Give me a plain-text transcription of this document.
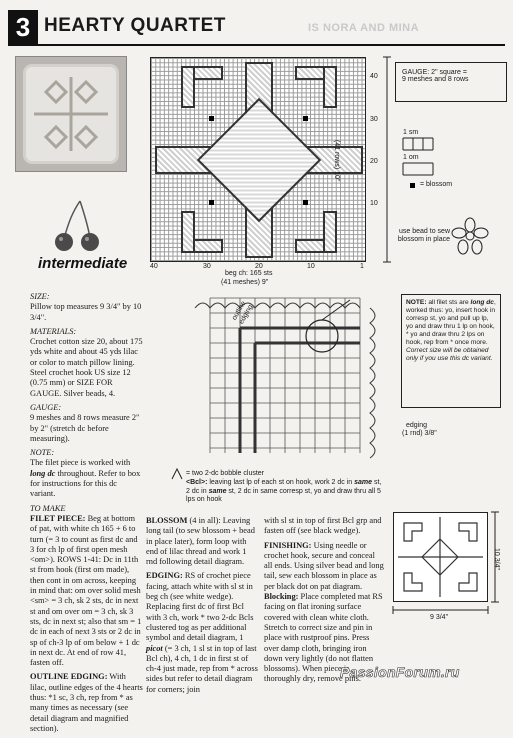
3 HEARTY QUARTET	IS NORA AND MINA
intermediate
SIZE:

Pillow top measures 9 3/4" by 10 3/4".

MATERIALS:

Crochet cotton size 20, about 175 yds white and about 45 yds lilac or color to match pillow lining. Steel crochet hook US size 12 (0.75 mm) or SIZE FOR GAUGE. Silver beads, 4.

GAUGE:

9 meshes and 8 rows measure 2" by 2" (stretch dc before measuring).

NOTE:

The filet piece is worked with long dc throughout. Refer to box for instructions for this dc variant.

TO MAKE

FILET PIECE: Beg at bottom of pat, with white ch 165 + 6 to turn (= 3 to count as first dc and 3 for ch lp of first open mesh <om>). ROWS 1-41: Dc in 11th st from hook (first om made), then cont in om across, keeping in mind that: om over solid mesh <sm> = 3 ch, sk 2 sts, dc in next st and om over om = 3 ch, sk 3 sts, dc in next st; also that sm = 1 dc in each of next 3 sts or 2 dc in sp of ch-3 lp of om below + 1 dc in next dc. At end of row 41, fasten off.

OUTLINE EDGING: With lilac, outline edges of the 4 hearts thus: *1 sc, 3 ch, rep from * as many times as necessary (see detail diagram and magnified section).

BLOSSOM (4 in all): Leaving long tail (to sew blossom + bead in place later), form loop with end of lilac thread and work 1 rnd following detail diagram.

EDGING: RS of crochet piece facing, attach white with sl st in beg ch (see white wedge). Replacing first dc of first Bcl with 3 ch, work * two 2-dc Bcls clustered tog as per additional symbol and detail diagram, 1 picot (= 3 ch, 1 sl st in top of last Bcl ch), 4 ch, 1 dc in first st of ch-4 just made, rep from * across sides but refer to detail diagram for corners; join

with sl st in top of first Bcl grp and fasten off (see black wedge).

FINISHING: Using needle or crochet hook, secure and conceal all ends. Using silver bead and long tail, sew each blossom in place as per black dot on pat diagram. Blocking: Place completed mat RS facing on flat ironing surface covered with clean white cloth. Stretch to correct size and pin in place with rustproof pins. Press over damp cloth, bringing iron down very lightly (do not flatten blossoms). When piece is thoroughly dry, remove pins.

40	30	20	10	1
40
30
20
10
beg ch: 165 sts
(41 meshes) 9"
(41 rows) 10"
GAUGE: 2" square =
9 meshes and 8 rows
1 sm
1 om
= blossom
use bead to sew blossom in place
outline edging
edging
(1 rnd) 3/8"
= two 2-dc bobble cluster
<Bcl>: leaving last lp of each st on hook, work 2 dc in same st, 2 dc in same st, 2 dc in same corresp st, yo and draw thru all 5 lps on hook
NOTE: all filet sts are long dc, worked thus: yo, insert hook in corresp st, yo and pull up lp, yo and draw thru 1 lp on hook, * yo and draw thru 2 lps on hook, rep from * once more. Correct size will be obtained only if you use this dc variant.
9 3/4"
10 3/4"
PassionForum.ru
